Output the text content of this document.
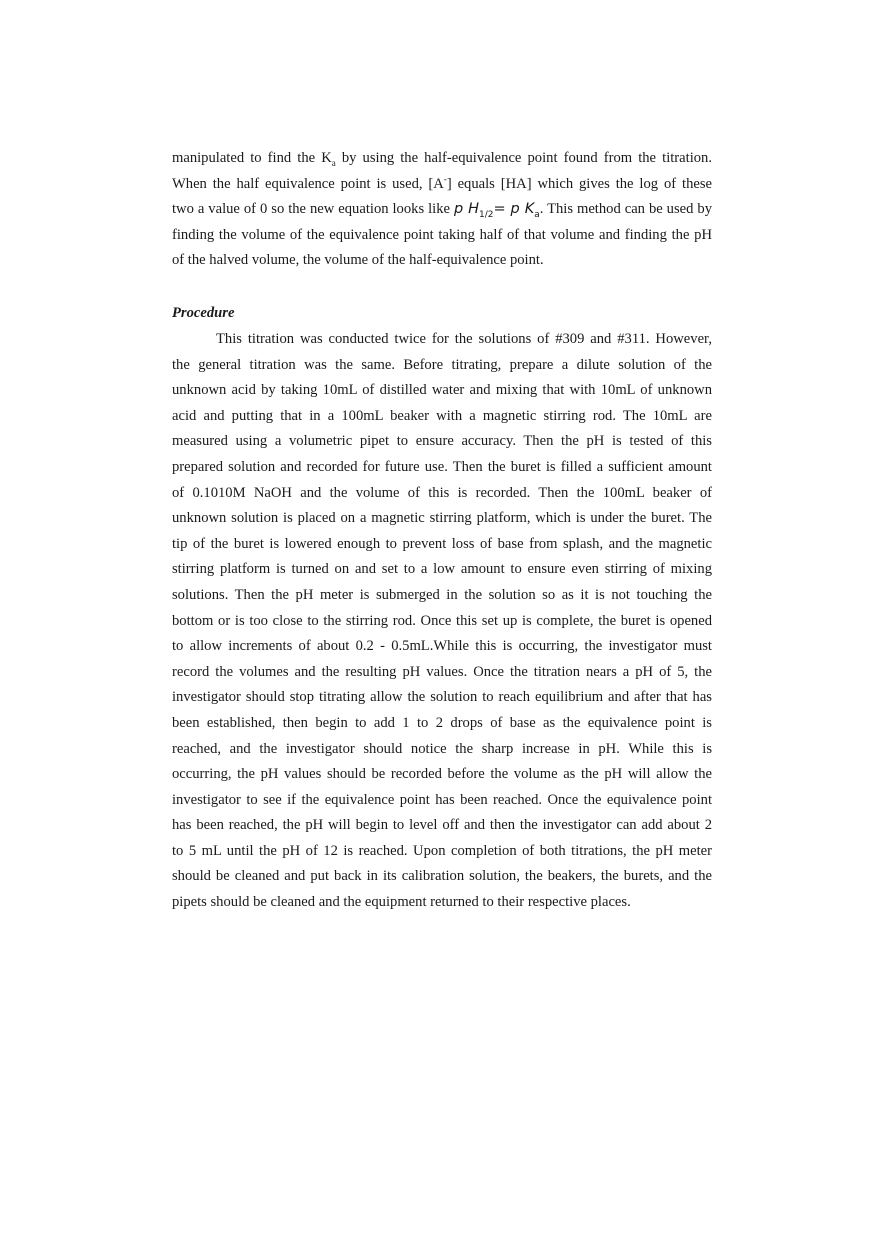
manipulated to find the $K_a$ by using the half-equivalence point found from the titration.
When the half equivalence point is used, [A-] equals [HA] which gives the log of these
two a value of 0 so the new equation looks like p $H_{1/2}= p$ $K_a$. This method can be used by
finding the volume of the equivalence point taking half of that volume and finding the pH
of the halved volume, the volume of the half-equivalence point.
Procedure
This titration was conducted twice for the solutions of #309 and #311. However,
the general titration was the same. Before titrating, prepare a dilute solution of the
unknown acid by taking 10mL of distilled water and mixing that with 10mL of unknown
acid and putting that in a 100mL beaker with a magnetic stirring rod. The 10mL are
measured using a volumetric pipet to ensure accuracy. Then the pH is tested of this
prepared solution and recorded for future use. Then the buret is filled a sufficient amount
of 0.1010M NaOH and the volume of this is recorded. Then the 100mL beaker of
unknown solution is placed on a magnetic stirring platform, which is under the buret. The
tip of the buret is lowered enough to prevent loss of base from splash, and the magnetic
stirring platform is turned on and set to a low amount to ensure even stirring of mixing
solutions. Then the pH meter is submerged in the solution so as it is not touching the
bottom or is too close to the stirring rod. Once this set up is complete, the buret is opened
to allow increments of about 0.2 - 0.5mL.While this is occurring, the investigator must
record the volumes and the resulting pH values. Once the titration nears a pH of 5, the
investigator should stop titrating allow the solution to reach equilibrium and after that has
been established, then begin to add 1 to 2 drops of base as the equivalence point is
reached, and the investigator should notice the sharp increase in pH. While this is
occurring, the pH values should be recorded before the volume as the pH will allow the
investigator to see if the equivalence point has been reached. Once the equivalence point
has been reached, the pH will begin to level off and then the investigator can add about 2
to 5 mL until the pH of 12 is reached. Upon completion of both titrations, the pH meter
should be cleaned and put back in its calibration solution, the beakers, the burets, and the
pipets should be cleaned and the equipment returned to their respective places.
